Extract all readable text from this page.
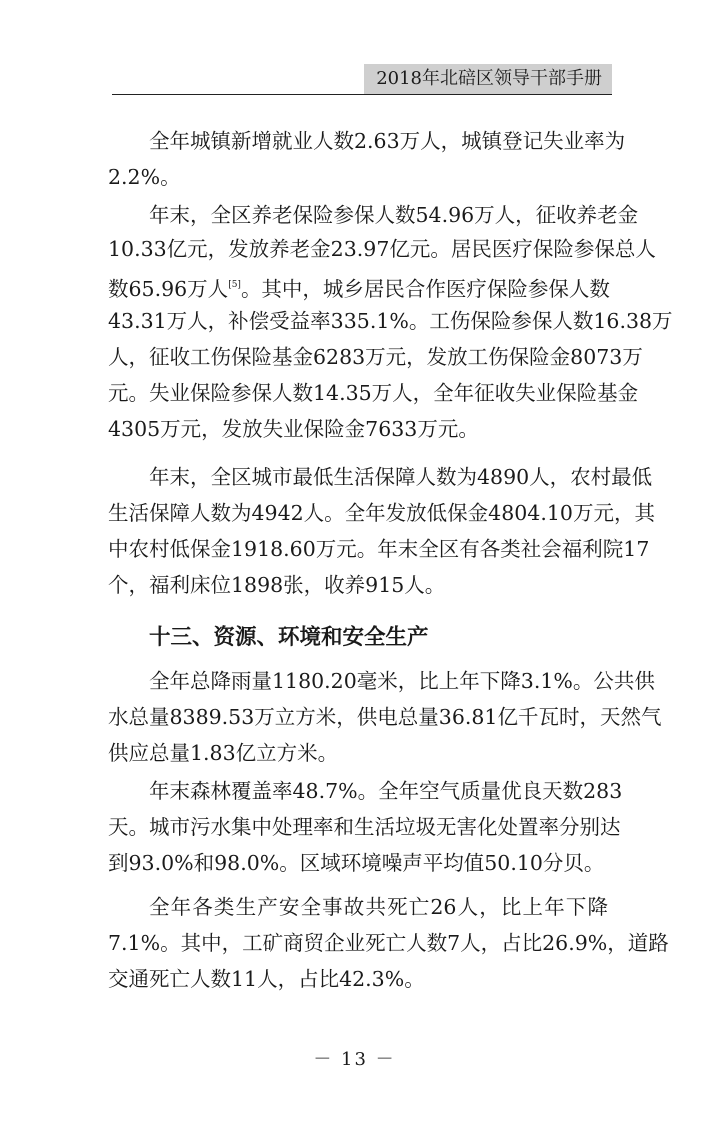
2018年北碚区领导干部手册
全年城镇新增就业人数2.63万人，城镇登记失业率为
2.2%。
年末，全区养老保险参保人数54.96万人，征收养老金
10.33亿元，发放养老金23.97亿元。居民医疗保险参保总人
数65.96万人[5]。其中，城乡居民合作医疗保险参保人数
43.31万人，补偿受益率335.1%。工伤保险参保人数16.38万
人，征收工伤保险基金6283万元，发放工伤保险金8073万
元。失业保险参保人数14.35万人，全年征收失业保险基金
4305万元，发放失业保险金7633万元。
年末，全区城市最低生活保障人数为4890人，农村最低
生活保障人数为4942人。全年发放低保金4804.10万元，其
中农村低保金1918.60万元。年末全区有各类社会福利院17
个，福利床位1898张，收养915人。
十三、资源、环境和安全生产
全年总降雨量1180.20毫米，比上年下降3.1%。公共供
水总量8389.53万立方米，供电总量36.81亿千瓦时，天然气
供应总量1.83亿立方米。
年末森林覆盖率48.7%。全年空气质量优良天数283
天。城市污水集中处理率和生活垃圾无害化处置率分别达
到93.0%和98.0%。区域环境噪声平均值50.10分贝。
全年各类生产安全事故共死亡26人，比上年下降
7.1%。其中，工矿商贸企业死亡人数7人，占比26.9%，道路
交通死亡人数11人，占比42.3%。
－ 13 －
